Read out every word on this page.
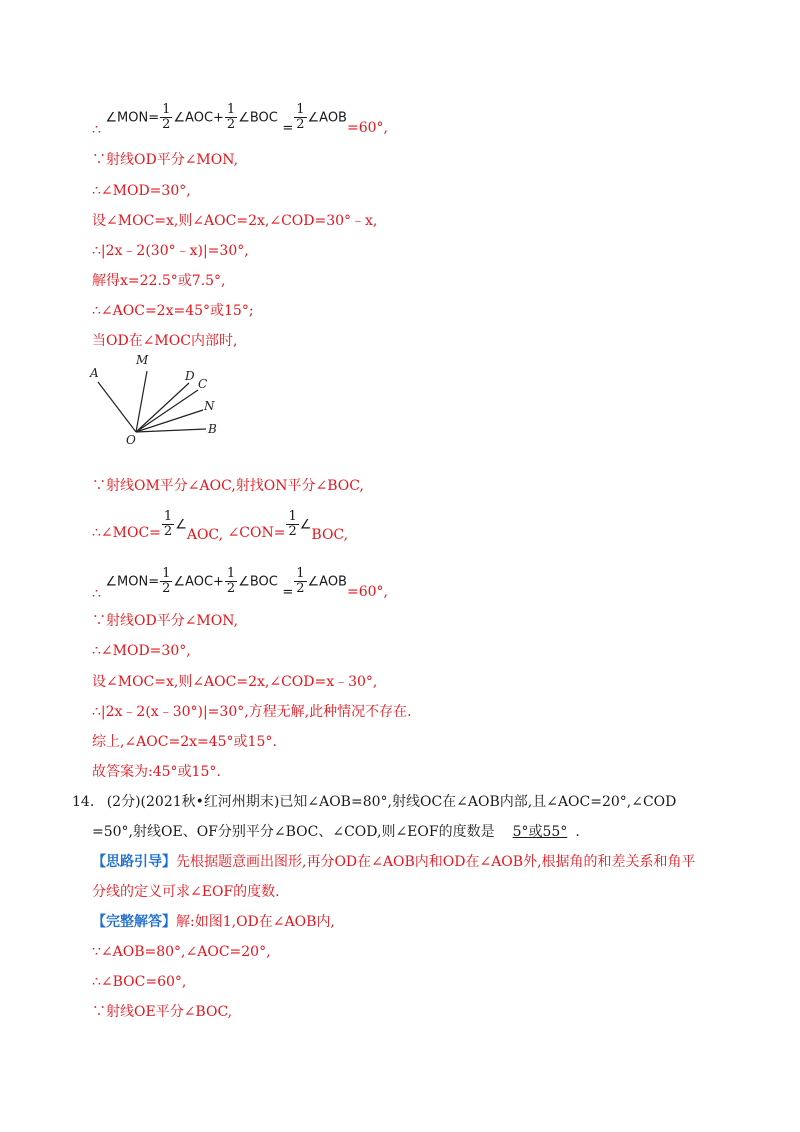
∴ ∠MON= $\frac{1}{2}$ ∠AOC+ $\frac{1}{2}$ ∠BOC = $\frac{1}{2}$ ∠AOB=60°,
∵射线OD平分∠MON,
∴∠MOD=30°,
设∠MOC=x,则∠AOC=2x,∠COD=30°﹣x,
∴|2x﹣2(30°﹣x)|=30°,
解得x=22.5°或7.5°,
∴∠AOC=2x=45°或15°;
当OD在∠MOC内部时,
A
M
D
C
N
B
O
∵射线OM平分∠AOC,射找ON平分∠BOC,
∴∠MOC= $\frac{1}{2}$ ∠AOC, ∠CON= $\frac{1}{2}$ ∠BOC,
∴ ∠MON= $\frac{1}{2}$ ∠AOC+ $\frac{1}{2}$ ∠BOC = $\frac{1}{2}$ ∠AOB=60°,
∵射线OD平分∠MON,
∴∠MOD=30°,
设∠MOC=x,则∠AOC=2x,∠COD=x﹣30°,
∴|2x﹣2(x﹣30°)|=30°,方程无解,此种情况不存在.
综上,∠AOC=2x=45°或15°.
故答案为:45°或15°.
14. (2分)(2021秋•红河州期末)已知∠AOB=80°,射线OC在∠AOB内部,且∠AOC=20°,∠COD
=50°,射线OE、OF分别平分∠BOC、∠COD,则∠EOF的度数是 5°或55° .
【思路引导】先根据题意画出图形,再分OD在∠AOB内和OD在∠AOB外,根据角的和差关系和角平
分线的定义可求∠EOF的度数.
【完整解答】解:如图1,OD在∠AOB内,
∵∠AOB=80°,∠AOC=20°,
∴∠BOC=60°,
∵射线OE平分∠BOC,
